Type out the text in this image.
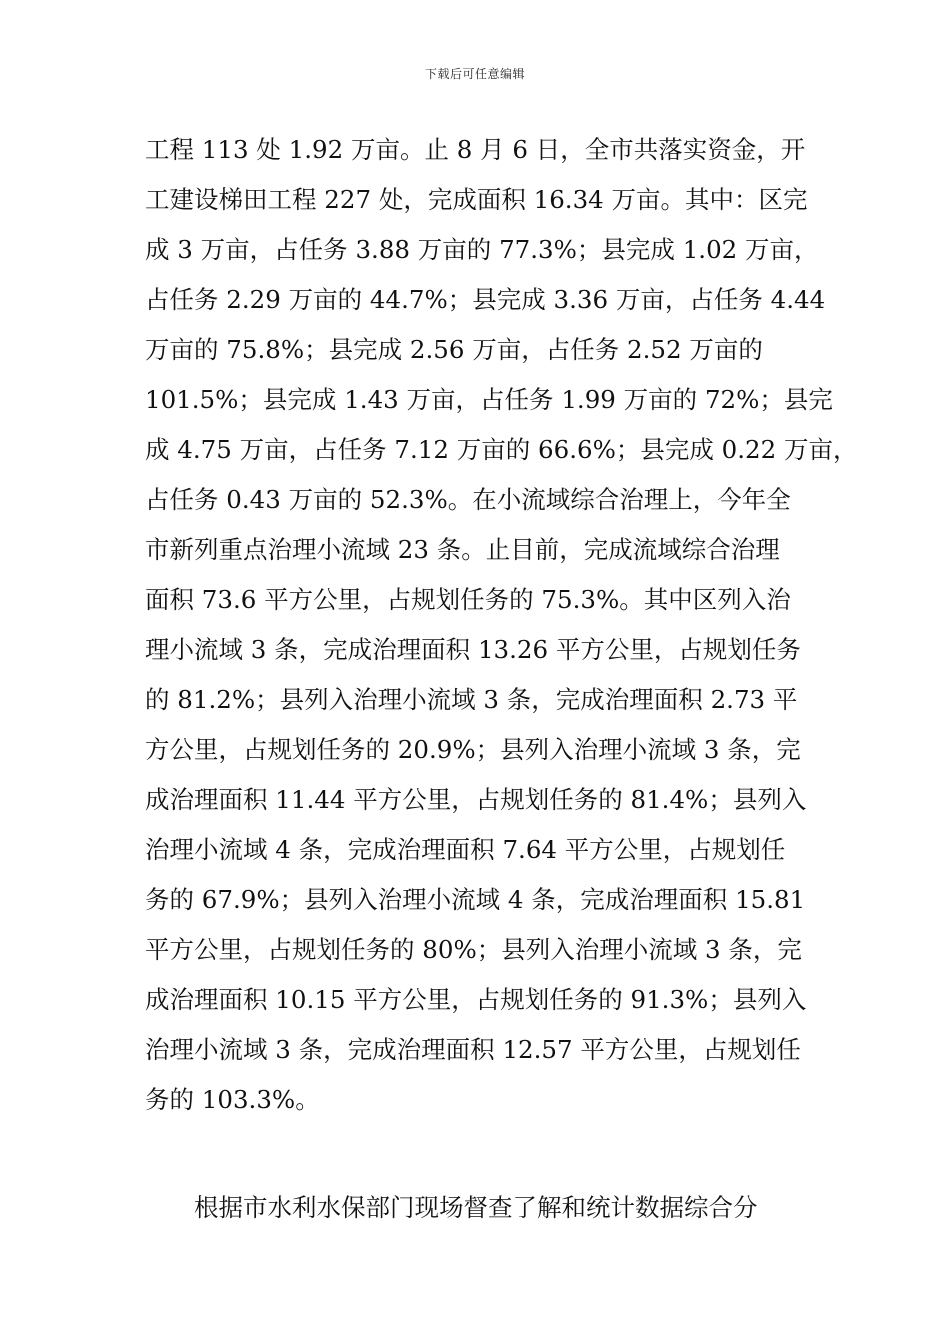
下载后可任意编辑
工程 113 处 1.92 万亩。止 8 月 6 日，全市共落实资金，开
工建设梯田工程 227 处，完成面积 16.34 万亩。其中：区完
成 3 万亩，占任务 3.88 万亩的 77.3%；县完成 1.02 万亩，
占任务 2.29 万亩的 44.7%；县完成 3.36 万亩，占任务 4.44
万亩的 75.8%；县完成 2.56 万亩，占任务 2.52 万亩的
101.5%；县完成 1.43 万亩，占任务 1.99 万亩的 72%；县完
成 4.75 万亩，占任务 7.12 万亩的 66.6%；县完成 0.22 万亩，
占任务 0.43 万亩的 52.3%。在小流域综合治理上，今年全
市新列重点治理小流域 23 条。止目前，完成流域综合治理
面积 73.6 平方公里，占规划任务的 75.3%。其中区列入治
理小流域 3 条，完成治理面积 13.26 平方公里，占规划任务
的 81.2%；县列入治理小流域 3 条，完成治理面积 2.73 平
方公里，占规划任务的 20.9%；县列入治理小流域 3 条，完
成治理面积 11.44 平方公里，占规划任务的 81.4%；县列入
治理小流域 4 条，完成治理面积 7.64 平方公里，占规划任
务的 67.9%；县列入治理小流域 4 条，完成治理面积 15.81
平方公里，占规划任务的 80%；县列入治理小流域 3 条，完
成治理面积 10.15 平方公里，占规划任务的 91.3%；县列入
治理小流域 3 条，完成治理面积 12.57 平方公里，占规划任
务的 103.3%。
根据市水利水保部门现场督查了解和统计数据综合分
